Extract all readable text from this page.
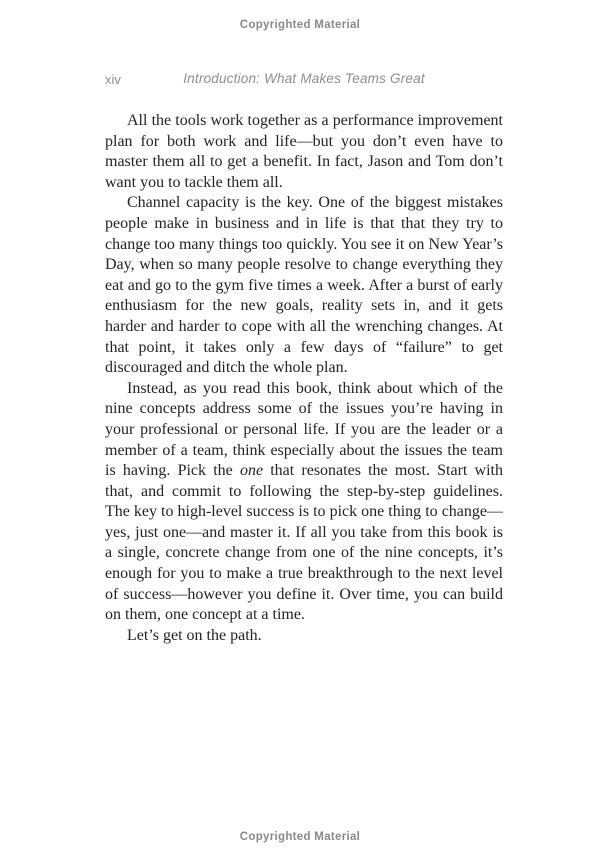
Copyrighted Material
xiv	Introduction: What Makes Teams Great

All the tools work together as a performance improvement plan for both work and life—but you don’t even have to master them all to get a benefit. In fact, Jason and Tom don’t want you to tackle them all.

Channel capacity is the key. One of the biggest mistakes people make in business and in life is that that they try to change too many things too quickly. You see it on New Year’s Day, when so many people resolve to change everything they eat and go to the gym five times a week. After a burst of early enthusiasm for the new goals, reality sets in, and it gets harder and harder to cope with all the wrenching changes. At that point, it takes only a few days of “failure” to get discouraged and ditch the whole plan.

Instead, as you read this book, think about which of the nine concepts address some of the issues you’re having in your professional or personal life. If you are the leader or a member of a team, think especially about the issues the team is having. Pick the one that resonates the most. Start with that, and commit to following the step-by-step guidelines. The key to high-level success is to pick one thing to change—yes, just one—and master it. If all you take from this book is a single, concrete change from one of the nine concepts, it’s enough for you to make a true breakthrough to the next level of success—however you define it. Over time, you can build on them, one concept at a time.

Let’s get on the path.

Copyrighted Material
